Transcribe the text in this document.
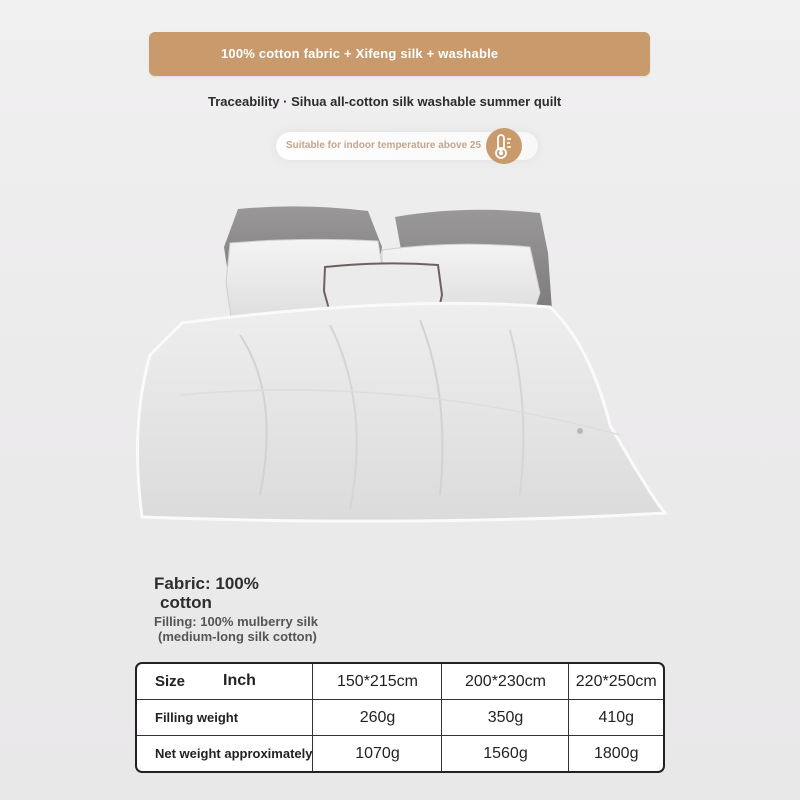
100% cotton fabric + Xifeng silk + washable
Traceability · Sihua all-cotton silk washable summer quilt
Suitable for indoor temperature above 25
Fabric: 100%
cotton
Filling: 100% mulberry silk
(medium-long silk cotton)
Size Inch	150*215cm	200*230cm	220*250cm
Filling weight	260g	350g	410g
Net weight approximately	1070g	1560g	1800g
